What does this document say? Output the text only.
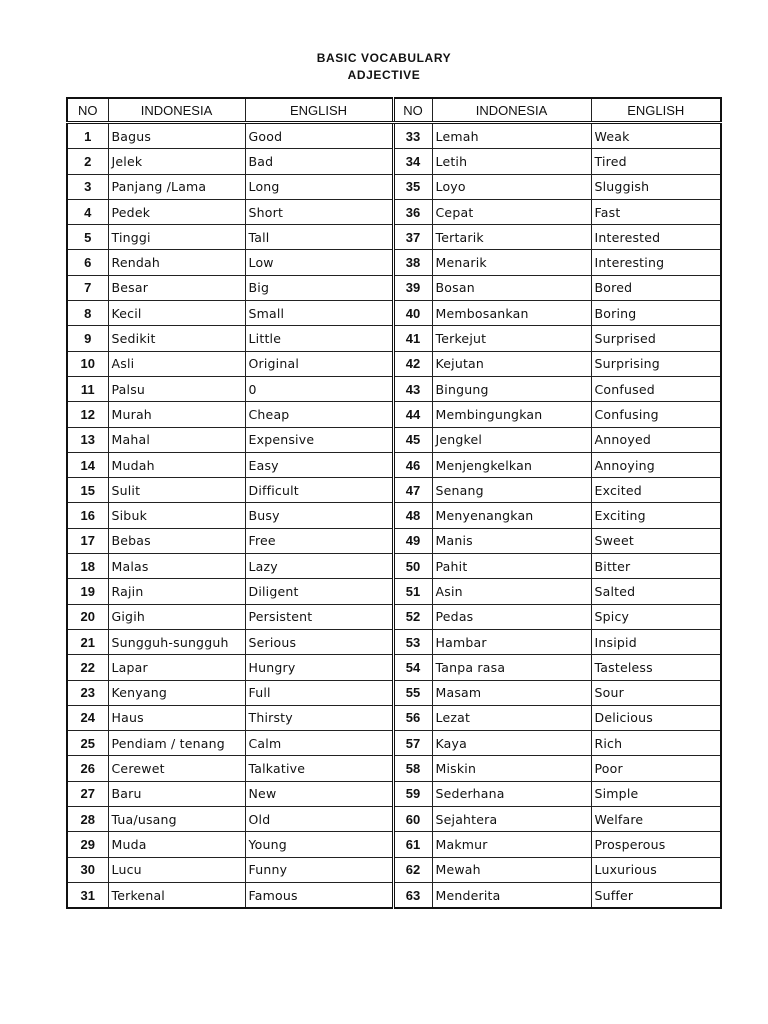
BASIC VOCABULARY
ADJECTIVE
NO	INDONESIA	ENGLISH	NO	INDONESIA	ENGLISH
1	Bagus	Good	33	Lemah	Weak
2	Jelek	Bad	34	Letih	Tired
3	Panjang /Lama	Long	35	Loyo	Sluggish
4	Pedek	Short	36	Cepat	Fast
5	Tinggi	Tall	37	Tertarik	Interested
6	Rendah	Low	38	Menarik	Interesting
7	Besar	Big	39	Bosan	Bored
8	Kecil	Small	40	Membosankan	Boring
9	Sedikit	Little	41	Terkejut	Surprised
10	Asli	Original	42	Kejutan	Surprising
11	Palsu	0	43	Bingung	Confused
12	Murah	Cheap	44	Membingungkan	Confusing
13	Mahal	Expensive	45	Jengkel	Annoyed
14	Mudah	Easy	46	Menjengkelkan	Annoying
15	Sulit	Difficult	47	Senang	Excited
16	Sibuk	Busy	48	Menyenangkan	Exciting
17	Bebas	Free	49	Manis	Sweet
18	Malas	Lazy	50	Pahit	Bitter
19	Rajin	Diligent	51	Asin	Salted
20	Gigih	Persistent	52	Pedas	Spicy
21	Sungguh-sungguh	Serious	53	Hambar	Insipid
22	Lapar	Hungry	54	Tanpa rasa	Tasteless
23	Kenyang	Full	55	Masam	Sour
24	Haus	Thirsty	56	Lezat	Delicious
25	Pendiam / tenang	Calm	57	Kaya	Rich
26	Cerewet	Talkative	58	Miskin	Poor
27	Baru	New	59	Sederhana	Simple
28	Tua/usang	Old	60	Sejahtera	Welfare
29	Muda	Young	61	Makmur	Prosperous
30	Lucu	Funny	62	Mewah	Luxurious
31	Terkenal	Famous	63	Menderita	Suffer
